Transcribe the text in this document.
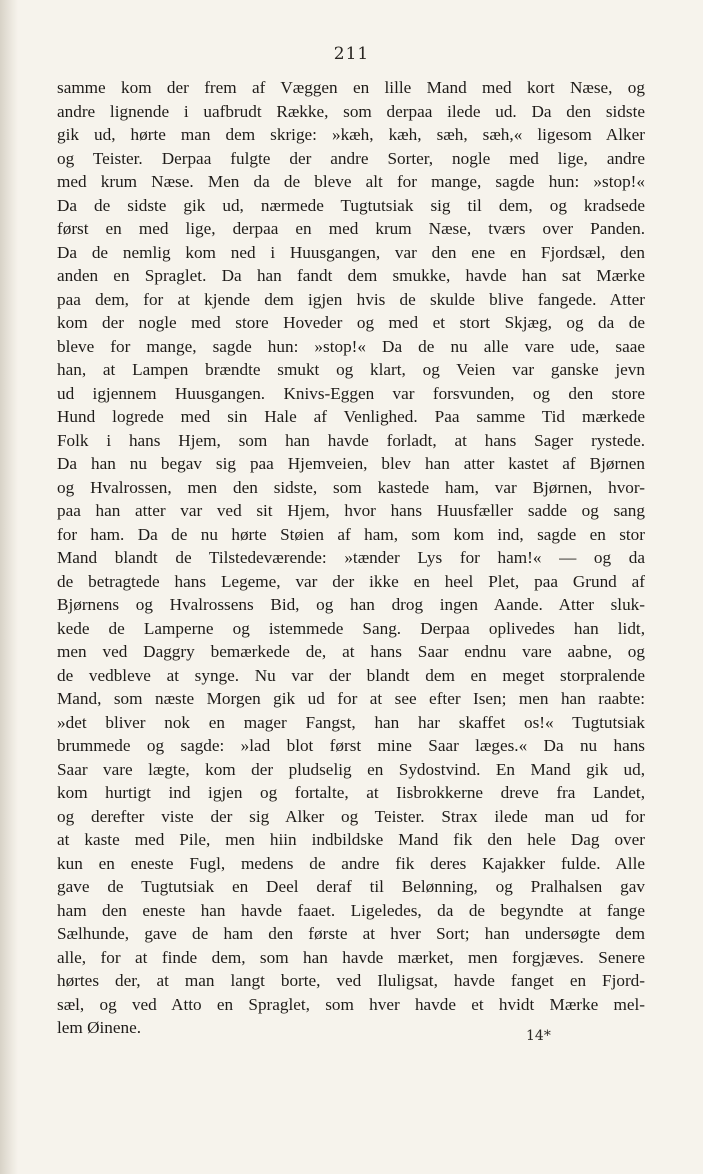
211
samme kom der frem af Væggen en lille Mand med kort Næse, og
andre lignende i uafbrudt Række, som derpaa ilede ud. Da den sidste
gik ud, hørte man dem skrige: »kæh, kæh, sæh, sæh,« ligesom Alker
og Teister. Derpaa fulgte der andre Sorter, nogle med lige, andre
med krum Næse. Men da de bleve alt for mange, sagde hun: »stop!«
Da de sidste gik ud, nærmede Tugtutsiak sig til dem, og kradsede
først en med lige, derpaa en med krum Næse, tværs over Panden.
Da de nemlig kom ned i Huusgangen, var den ene en Fjordsæl, den
anden en Spraglet. Da han fandt dem smukke, havde han sat Mærke
paa dem, for at kjende dem igjen hvis de skulde blive fangede. Atter
kom der nogle med store Hoveder og med et stort Skjæg, og da de
bleve for mange, sagde hun: »stop!« Da de nu alle vare ude, saae
han, at Lampen brændte smukt og klart, og Veien var ganske jevn
ud igjennem Huusgangen. Knivs-Eggen var forsvunden, og den store
Hund logrede med sin Hale af Venlighed. Paa samme Tid mærkede
Folk i hans Hjem, som han havde forladt, at hans Sager rystede.
Da han nu begav sig paa Hjemveien, blev han atter kastet af Bjørnen
og Hvalrossen, men den sidste, som kastede ham, var Bjørnen, hvor-
paa han atter var ved sit Hjem, hvor hans Huusfæller sadde og sang
for ham. Da de nu hørte Støien af ham, som kom ind, sagde en stor
Mand blandt de Tilstedeværende: »tænder Lys for ham!« — og da
de betragtede hans Legeme, var der ikke en heel Plet, paa Grund af
Bjørnens og Hvalrossens Bid, og han drog ingen Aande. Atter sluk-
kede de Lamperne og istemmede Sang. Derpaa oplivedes han lidt,
men ved Daggry bemærkede de, at hans Saar endnu vare aabne, og
de vedbleve at synge. Nu var der blandt dem en meget storpralende
Mand, som næste Morgen gik ud for at see efter Isen; men han raabte:
»det bliver nok en mager Fangst, han har skaffet os!« Tugtutsiak
brummede og sagde: »lad blot først mine Saar læges.« Da nu hans
Saar vare lægte, kom der pludselig en Sydostvind. En Mand gik ud,
kom hurtigt ind igjen og fortalte, at Iisbrokkerne dreve fra Landet,
og derefter viste der sig Alker og Teister. Strax ilede man ud for
at kaste med Pile, men hiin indbildske Mand fik den hele Dag over
kun en eneste Fugl, medens de andre fik deres Kajakker fulde. Alle
gave de Tugtutsiak en Deel deraf til Belønning, og Pralhalsen gav
ham den eneste han havde faaet. Ligeledes, da de begyndte at fange
Sælhunde, gave de ham den første at hver Sort; han undersøgte dem
alle, for at finde dem, som han havde mærket, men forgjæves. Senere
hørtes der, at man langt borte, ved Iluligsat, havde fanget en Fjord-
sæl, og ved Atto en Spraglet, som hver havde et hvidt Mærke mel-
lem Øinene.	14*
